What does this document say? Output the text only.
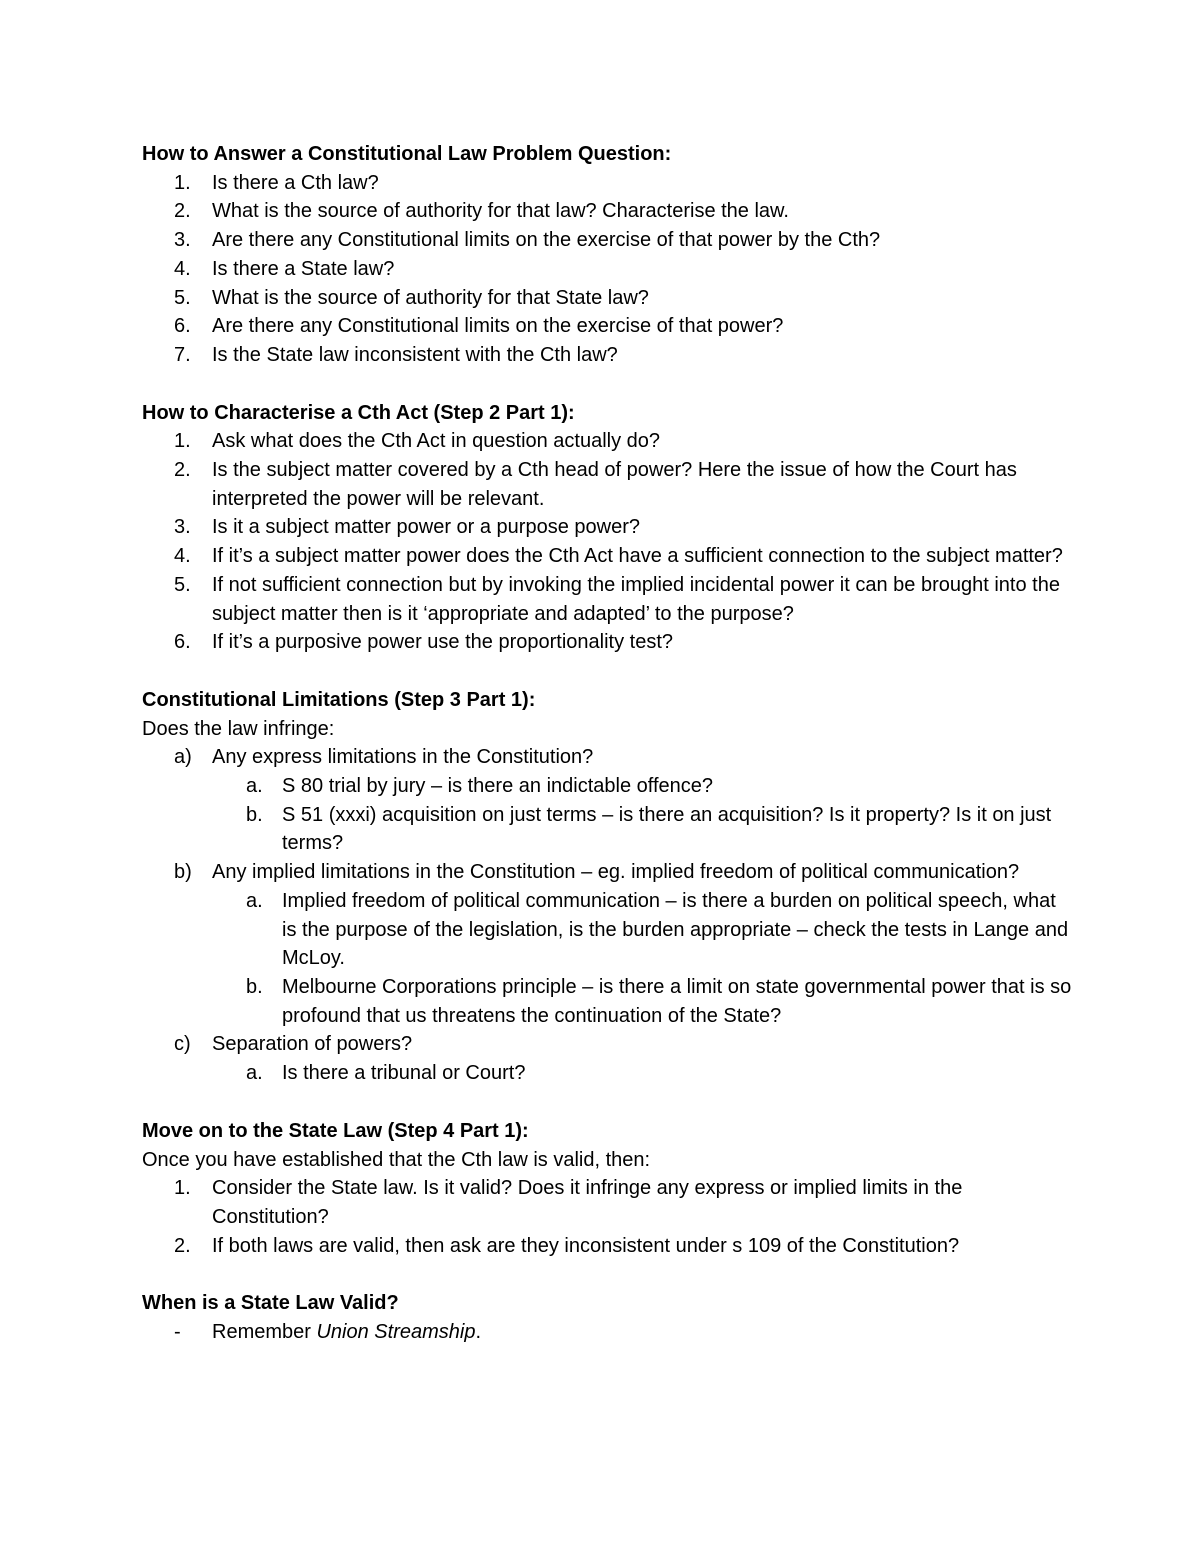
How to Answer a Constitutional Law Problem Question:
1. Is there a Cth law?
2. What is the source of authority for that law? Characterise the law.
3. Are there any Constitutional limits on the exercise of that power by the Cth?
4. Is there a State law?
5. What is the source of authority for that State law?
6. Are there any Constitutional limits on the exercise of that power?
7. Is the State law inconsistent with the Cth law?
How to Characterise a Cth Act (Step 2 Part 1):
1. Ask what does the Cth Act in question actually do?
2. Is the subject matter covered by a Cth head of power? Here the issue of how the Court has interpreted the power will be relevant.
3. Is it a subject matter power or a purpose power?
4. If it’s a subject matter power does the Cth Act have a sufficient connection to the subject matter?
5. If not sufficient connection but by invoking the implied incidental power it can be brought into the subject matter then is it ‘appropriate and adapted’ to the purpose?
6. If it’s a purposive power use the proportionality test?
Constitutional Limitations (Step 3 Part 1):
Does the law infringe:
a) Any express limitations in the Constitution?
a. S 80 trial by jury – is there an indictable offence?
b. S 51 (xxxi) acquisition on just terms – is there an acquisition? Is it property? Is it on just terms?
b) Any implied limitations in the Constitution – eg. implied freedom of political communication?
a. Implied freedom of political communication – is there a burden on political speech, what is the purpose of the legislation, is the burden appropriate – check the tests in Lange and McLoy.
b. Melbourne Corporations principle – is there a limit on state governmental power that is so profound that us threatens the continuation of the State?
c) Separation of powers?
a. Is there a tribunal or Court?
Move on to the State Law (Step 4 Part 1):
Once you have established that the Cth law is valid, then:
1. Consider the State law. Is it valid? Does it infringe any express or implied limits in the Constitution?
2. If both laws are valid, then ask are they inconsistent under s 109 of the Constitution?
When is a State Law Valid?
- Remember Union Streamship.
